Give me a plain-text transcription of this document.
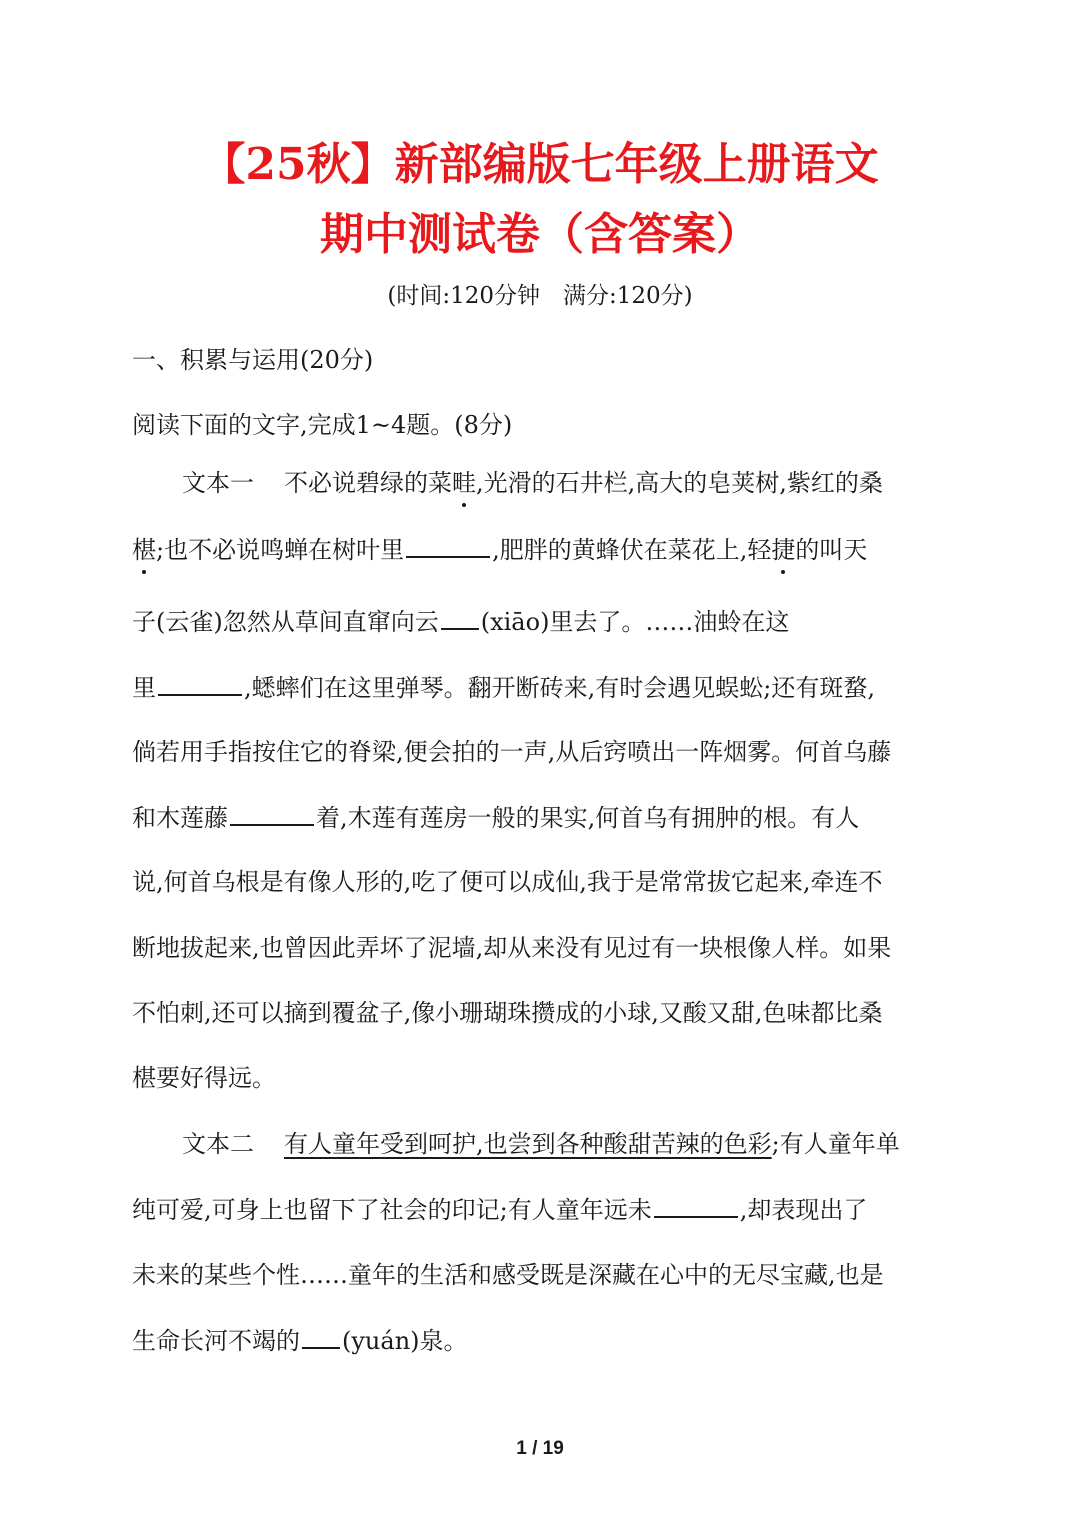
【25秋】新部编版七年级上册语文
期中测试卷（含答案）
(时间:120分钟　满分:120分)
一、积累与运用(20分)
阅读下面的文字,完成1~4题。(8分)
文本一 不必说碧绿的菜畦,光滑的石井栏,高大的皂荚树,紫红的桑
椹;也不必说鸣蝉在树叶里	,肥胖的黄蜂伏在菜花上,轻捷的叫天
子(云雀)忽然从草间直窜向云 (xiāo)里去了。……油蛉在这
里	,蟋蟀们在这里弹琴。翻开断砖来,有时会遇见蜈蚣;还有斑蝥,
倘若用手指按住它的脊梁,便会拍的一声,从后窍喷出一阵烟雾。何首乌藤
和木莲藤	着,木莲有莲房一般的果实,何首乌有拥肿的根。有人
说,何首乌根是有像人形的,吃了便可以成仙,我于是常常拔它起来,牵连不
断地拔起来,也曾因此弄坏了泥墙,却从来没有见过有一块根像人样。如果
不怕刺,还可以摘到覆盆子,像小珊瑚珠攒成的小球,又酸又甜,色味都比桑
椹要好得远。
文本二 有人童年受到呵护,也尝到各种酸甜苦辣的色彩;有人童年单
纯可爱,可身上也留下了社会的印记;有人童年远未	,却表现出了
未来的某些个性……童年的生活和感受既是深藏在心中的无尽宝藏,也是
生命长河不竭的 (yuán)泉。
1 / 19
